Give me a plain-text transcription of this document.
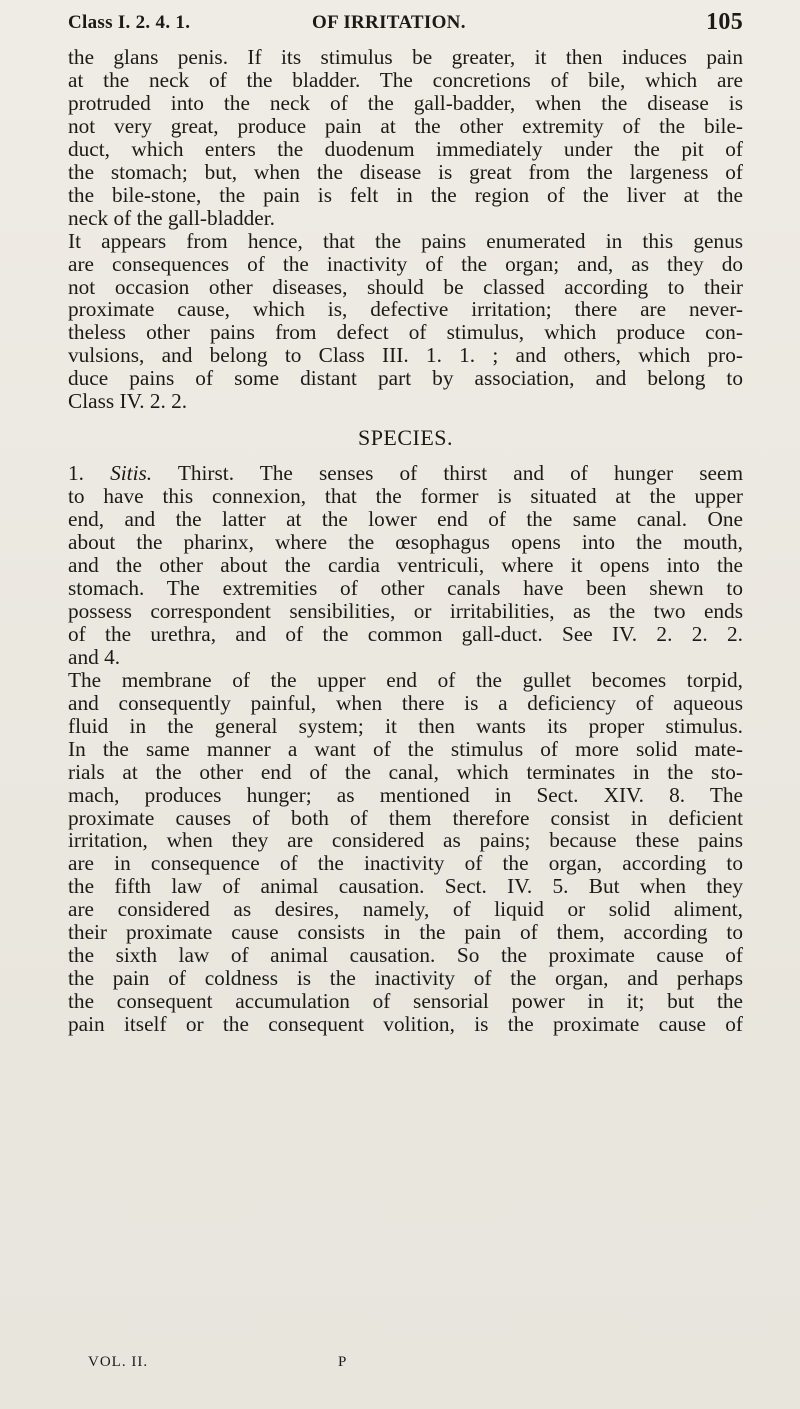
Class I. 2. 4. 1.	OF IRRITATION.	105

the glans penis. If its stimulus be greater, it then induces pain
at the neck of the bladder. The concretions of bile, which are
protruded into the neck of the gall-badder, when the disease is
not very great, produce pain at the other extremity of the bile-
duct, which enters the duodenum immediately under the pit of
the stomach; but, when the disease is great from the largeness of
the bile-stone, the pain is felt in the region of the liver at the
neck of the gall-bladder.

It appears from hence, that the pains enumerated in this genus
are consequences of the inactivity of the organ; and, as they do
not occasion other diseases, should be classed according to their
proximate cause, which is, defective irritation; there are never-
theless other pains from defect of stimulus, which produce con-
vulsions, and belong to Class III. 1. 1. ; and others, which pro-
duce pains of some distant part by association, and belong to
Class IV. 2. 2.

SPECIES.

1. Sitis. Thirst. The senses of thirst and of hunger seem
to have this connexion, that the former is situated at the upper
end, and the latter at the lower end of the same canal. One
about the pharinx, where the œsophagus opens into the mouth,
and the other about the cardia ventriculi, where it opens into the
stomach. The extremities of other canals have been shewn to
possess correspondent sensibilities, or irritabilities, as the two ends
of the urethra, and of the common gall-duct. See IV. 2. 2. 2.
and 4.

The membrane of the upper end of the gullet becomes torpid,
and consequently painful, when there is a deficiency of aqueous
fluid in the general system; it then wants its proper stimulus.
In the same manner a want of the stimulus of more solid mate-
rials at the other end of the canal, which terminates in the sto-
mach, produces hunger; as mentioned in Sect. XIV. 8. The
proximate causes of both of them therefore consist in deficient
irritation, when they are considered as pains; because these pains
are in consequence of the inactivity of the organ, according to
the fifth law of animal causation. Sect. IV. 5. But when they
are considered as desires, namely, of liquid or solid aliment,
their proximate cause consists in the pain of them, according to
the sixth law of animal causation. So the proximate cause of
the pain of coldness is the inactivity of the organ, and perhaps
the consequent accumulation of sensorial power in it; but the
pain itself or the consequent volition, is the proximate cause of

VOL. II.	P
